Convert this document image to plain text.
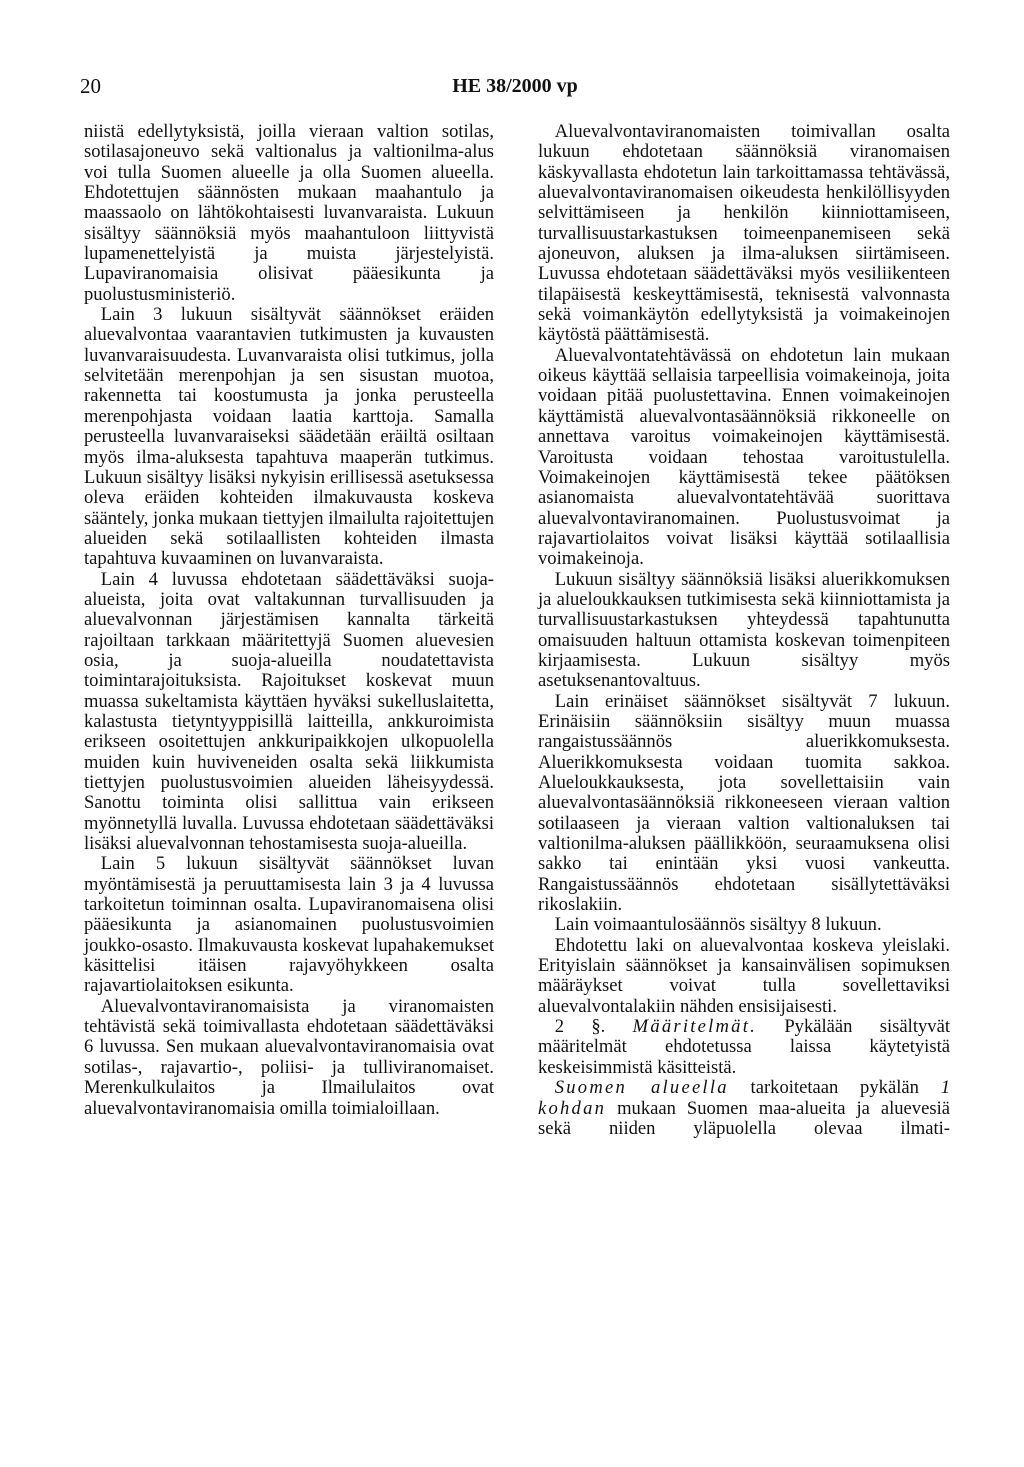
20	HE 38/2000 vp

niistä edellytyksistä, joilla vieraan valtion sotilas, sotilasajoneuvo sekä valtionalus ja valtionilma-alus voi tulla Suomen alueelle ja olla Suomen alueella. Ehdotettujen säännösten mukaan maahantulo ja maassaolo on lähtökohtaisesti luvanvaraista. Lukuun sisältyy säännöksiä myös maahantuloon liittyvistä lupamenettelyistä ja muista järjestelyistä. Lupaviranomaisia olisivat pääesikunta ja puolustusministeriö.

Lain 3 lukuun sisältyvät säännökset eräiden aluevalvontaa vaarantavien tutkimusten ja kuvausten luvanvaraisuudesta. Luvanvaraista olisi tutkimus, jolla selvitetään merenpohjan ja sen sisustan muotoa, rakennetta tai koostumusta ja jonka perusteella merenpohjasta voidaan laatia karttoja. Samalla perusteella luvanvaraiseksi säädetään eräiltä osiltaan myös ilma-aluksesta tapahtuva maaperän tutkimus. Lukuun sisältyy lisäksi nykyisin erillisessä asetuksessa oleva eräiden kohteiden ilmakuvausta koskeva sääntely, jonka mukaan tiettyjen ilmailulta rajoitettujen alueiden sekä sotilaallisten kohteiden ilmasta tapahtuva kuvaaminen on luvanvaraista.

Lain 4 luvussa ehdotetaan säädettäväksi suoja-alueista, joita ovat valtakunnan turvallisuuden ja aluevalvonnan järjestämisen kannalta tärkeitä rajoiltaan tarkkaan määritettyjä Suomen aluevesien osia, ja suoja-alueilla noudatettavista toimintarajoituksista. Rajoitukset koskevat muun muassa sukeltamista käyttäen hyväksi sukelluslaitetta, kalastusta tietyntyyppisillä laitteilla, ankkuroimista erikseen osoitettujen ankkuripaikkojen ulkopuolella muiden kuin huviveneiden osalta sekä liikkumista tiettyjen puolustusvoimien alueiden läheisyydessä. Sanottu toiminta olisi sallittua vain erikseen myönnetyllä luvalla. Luvussa ehdotetaan säädettäväksi lisäksi aluevalvonnan tehostamisesta suoja-alueilla.

Lain 5 lukuun sisältyvät säännökset luvan myöntämisestä ja peruuttamisesta lain 3 ja 4 luvussa tarkoitetun toiminnan osalta. Lupaviranomaisena olisi pääesikunta ja asianomainen puolustusvoimien joukko-osasto. Ilmakuvausta koskevat lupahakemukset käsittelisi itäisen rajavyöhykkeen osalta rajavartiolaitoksen esikunta.

Aluevalvontaviranomaisista ja viranomaisten tehtävistä sekä toimivallasta ehdotetaan säädettäväksi 6 luvussa. Sen mukaan aluevalvontaviranomaisia ovat sotilas-, rajavartio-, poliisi- ja tulliviranomaiset. Merenkulkulaitos ja Ilmailulaitos ovat aluevalvontaviranomaisia omilla toimialoillaan.

Aluevalvontaviranomaisten toimivallan osalta lukuun ehdotetaan säännöksiä viranomaisen käskyvallasta ehdotetun lain tarkoittamassa tehtävässä, aluevalvontaviranomaisen oikeudesta henkilöllisyyden selvittämiseen ja henkilön kiinniottamiseen, turvallisuustarkastuksen toimeenpanemiseen sekä ajoneuvon, aluksen ja ilma-aluksen siirtämiseen. Luvussa ehdotetaan säädettäväksi myös vesiliikenteen tilapäisestä keskeyttämisestä, teknisestä valvonnasta sekä voimankäytön edellytyksistä ja voimakeinojen käytöstä päättämisestä.

Aluevalvontatehtävässä on ehdotetun lain mukaan oikeus käyttää sellaisia tarpeellisia voimakeinoja, joita voidaan pitää puolustettavina. Ennen voimakeinojen käyttämistä aluevalvontasäännöksiä rikkoneelle on annettava varoitus voimakeinojen käyttämisestä. Varoitusta voidaan tehostaa varoitustulella. Voimakeinojen käyttämisestä tekee päätöksen asianomaista aluevalvontatehtävää suorittava aluevalvontaviranomainen. Puolustusvoimat ja rajavartiolaitos voivat lisäksi käyttää sotilaallisia voimakeinoja.

Lukuun sisältyy säännöksiä lisäksi aluerikkomuksen ja alueloukkauksen tutkimisesta sekä kiinniottamista ja turvallisuustarkastuksen yhteydessä tapahtunutta omaisuuden haltuun ottamista koskevan toimenpiteen kirjaamisesta. Lukuun sisältyy myös asetuksenantovaltuus.

Lain erinäiset säännökset sisältyvät 7 lukuun. Erinäisiin säännöksiin sisältyy muun muassa rangaistussäännös aluerikkomuksesta. Aluerikkomuksesta voidaan tuomita sakkoa. Alueloukkauksesta, jota sovellettaisiin vain aluevalvontasäännöksiä rikkoneeseen vieraan valtion sotilaaseen ja vieraan valtion valtionaluksen tai valtionilma-aluksen päällikköön, seuraamuksena olisi sakko tai enintään yksi vuosi vankeutta. Rangaistussäännös ehdotetaan sisällytettäväksi rikoslakiin.

Lain voimaantulosäännös sisältyy 8 lukuun.

Ehdotettu laki on aluevalvontaa koskeva yleislaki. Erityislain säännökset ja kansainvälisen sopimuksen määräykset voivat tulla sovellettaviksi aluevalvontalakiin nähden ensisijaisesti.

2 §. Määritelmät. Pykälään sisältyvät määritelmät ehdotetussa laissa käytetyistä keskeisimmistä käsitteistä.

Suomen alueella tarkoitetaan pykälän 1 kohdan mukaan Suomen maa-alueita ja aluevesiä sekä niiden yläpuolella olevaa ilmati-
